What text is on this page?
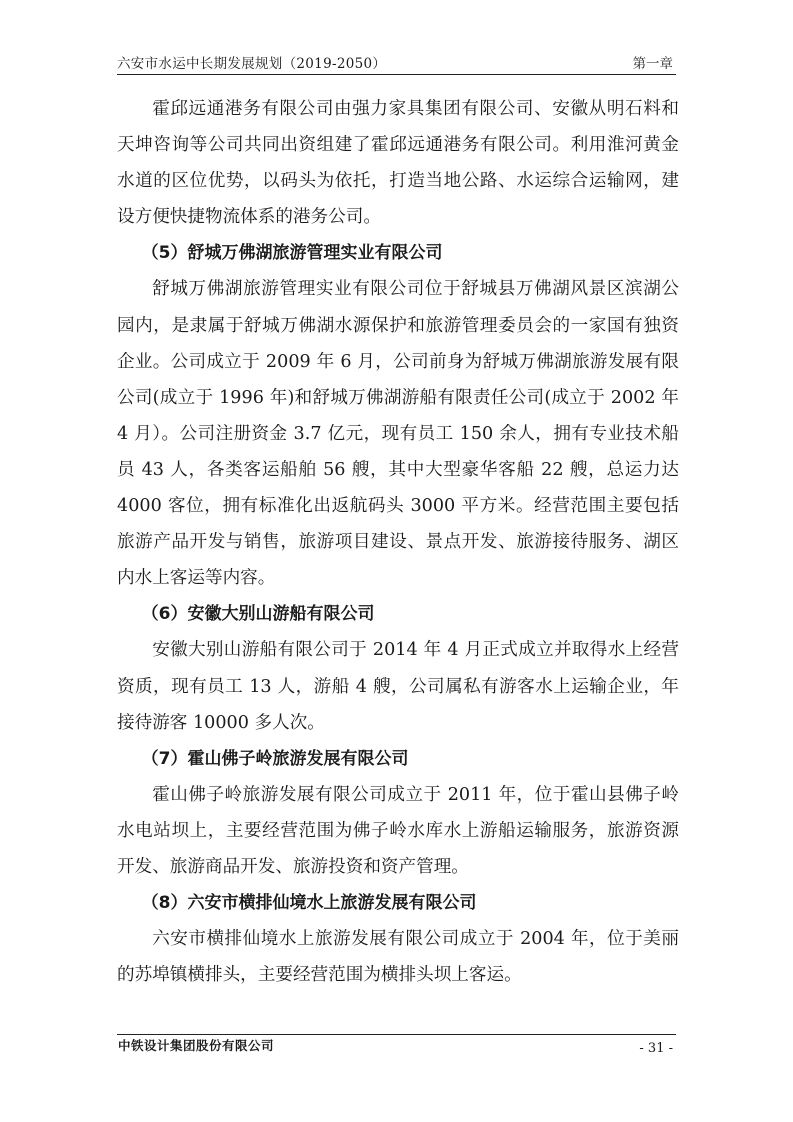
六安市水运中长期发展规划（2019-2050）	第一章

霍邱远通港务有限公司由强力家具集团有限公司、安徽从明石料和天坤咨询等公司共同出资组建了霍邱远通港务有限公司。利用淮河黄金水道的区位优势，以码头为依托，打造当地公路、水运综合运输网，建设方便快捷物流体系的港务公司。

（5）舒城万佛湖旅游管理实业有限公司

舒城万佛湖旅游管理实业有限公司位于舒城县万佛湖风景区滨湖公园内，是隶属于舒城万佛湖水源保护和旅游管理委员会的一家国有独资企业。公司成立于 2009 年 6 月，公司前身为舒城万佛湖旅游发展有限公司(成立于 1996 年)和舒城万佛湖游船有限责任公司(成立于 2002 年 4 月）。公司注册资金 3.7 亿元，现有员工 150 余人，拥有专业技术船员 43 人，各类客运船舶 56 艘，其中大型豪华客船 22 艘，总运力达 4000 客位，拥有标准化出返航码头 3000 平方米。经营范围主要包括旅游产品开发与销售，旅游项目建设、景点开发、旅游接待服务、湖区内水上客运等内容。

（6）安徽大别山游船有限公司

安徽大别山游船有限公司于 2014 年 4 月正式成立并取得水上经营资质，现有员工 13 人，游船 4 艘，公司属私有游客水上运输企业，年接待游客 10000 多人次。

（7）霍山佛子岭旅游发展有限公司

霍山佛子岭旅游发展有限公司成立于 2011 年，位于霍山县佛子岭水电站坝上，主要经营范围为佛子岭水库水上游船运输服务，旅游资源开发、旅游商品开发、旅游投资和资产管理。

（8）六安市横排仙境水上旅游发展有限公司

六安市横排仙境水上旅游发展有限公司成立于 2004 年，位于美丽的苏埠镇横排头，主要经营范围为横排头坝上客运。

中铁设计集团股份有限公司	- 31 -
